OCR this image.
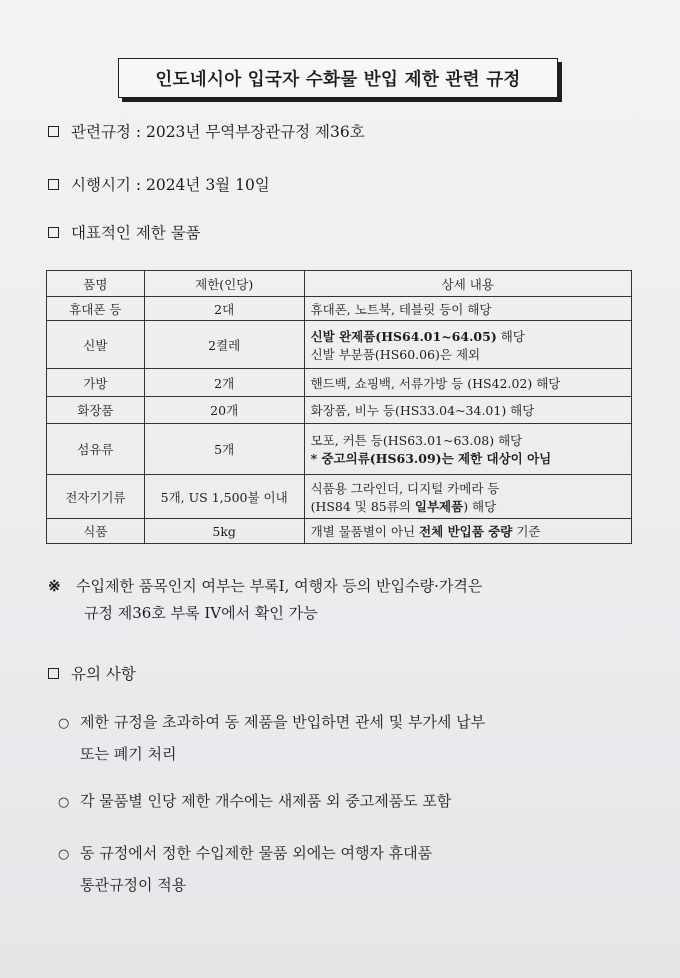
인도네시아 입국자 수화물 반입 제한 관련 규정
관련규정 : 2023년 무역부장관규정 제36호
시행시기 : 2024년 3월 10일
대표적인 제한 물품
품명	제한(인당)	상세 내용
휴대폰 등	2대	휴대폰, 노트북, 테블릿 등이 해당
신발	2켤레	신발 완제품(HS64.01~64.05) 해당
신발 부분품(HS60.06)은 제외

가방	2개	핸드백, 쇼핑백, 서류가방 등 (HS42.02) 해당
화장품	20개	화장품, 비누 등(HS33.04~34.01) 해당
섬유류	5개	모포, 커튼 등(HS63.01~63.08) 해당
* 중고의류(HS63.09)는 제한 대상이 아님

전자기기류	5개, US 1,500불 이내	식품용 그라인더, 디지털 카메라 등
(HS84 및 85류의 일부제품) 해당

식품	5kg	개별 물품별이 아닌 전체 반입품 중량 기준
※ 수입제한 품목인지 여부는 부록I, 여행자 등의 반입수량·가격은
규정 제36호 부록 IV에서 확인 가능
유의 사항
○ 제한 규정을 초과하여 동 제품을 반입하면 관세 및 부가세 납부
또는 폐기 처리
○ 각 물품별 인당 제한 개수에는 새제품 외 중고제품도 포함
○ 동 규정에서 정한 수입제한 물품 외에는 여행자 휴대품
통관규정이 적용
